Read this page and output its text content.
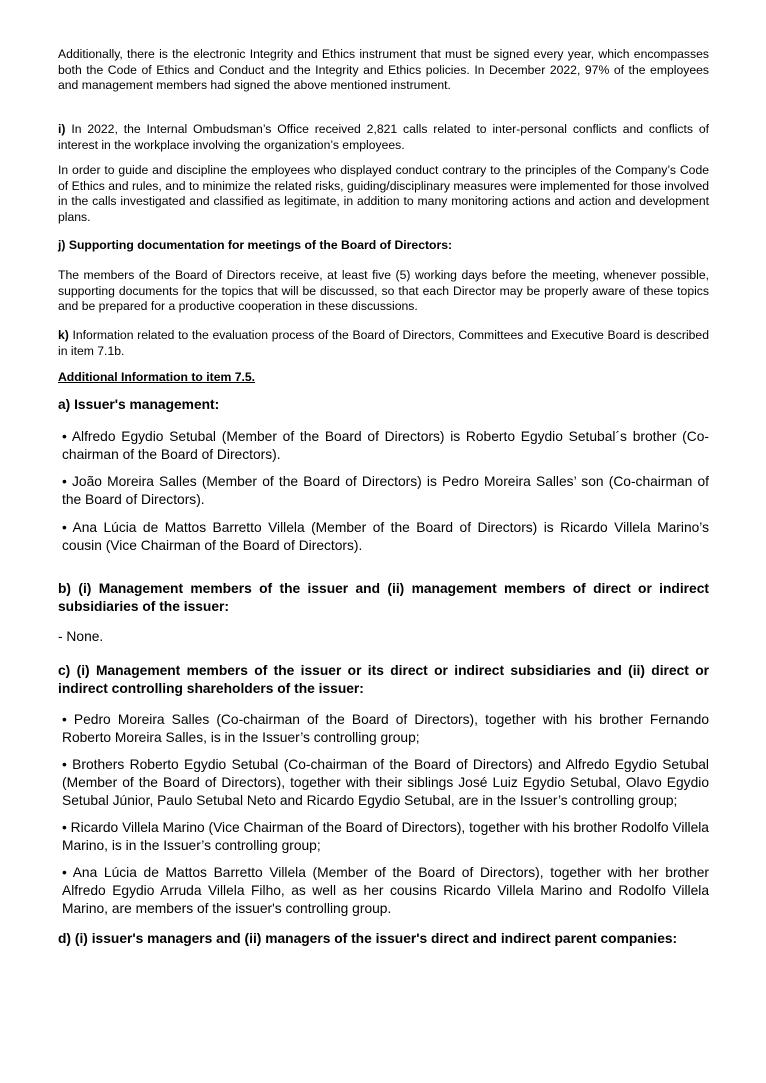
Additionally, there is the electronic Integrity and Ethics instrument that must be signed every year, which encompasses both the Code of Ethics and Conduct and the Integrity and Ethics policies. In December 2022, 97% of the employees and management members had signed the above mentioned instrument.

i) In 2022, the Internal Ombudsman’s Office received 2,821 calls related to inter-personal conflicts and conflicts of interest in the workplace involving the organization’s employees.

In order to guide and discipline the employees who displayed conduct contrary to the principles of the Company’s Code of Ethics and rules, and to minimize the related risks, guiding/disciplinary measures were implemented for those involved in the calls investigated and classified as legitimate, in addition to many monitoring actions and action and development plans.

j) Supporting documentation for meetings of the Board of Directors:

The members of the Board of Directors receive, at least five (5) working days before the meeting, whenever possible, supporting documents for the topics that will be discussed, so that each Director may be properly aware of these topics and be prepared for a productive cooperation in these discussions.

k) Information related to the evaluation process of the Board of Directors, Committees and Executive Board is described in item 7.1b.

Additional Information to item 7.5.

a) Issuer's management:

• Alfredo Egydio Setubal (Member of the Board of Directors) is Roberto Egydio Setubal´s brother (Co-chairman of the Board of Directors).

• João Moreira Salles (Member of the Board of Directors) is Pedro Moreira Salles’ son (Co-chairman of the Board of Directors).

• Ana Lúcia de Mattos Barretto Villela (Member of the Board of Directors) is Ricardo Villela Marino’s cousin (Vice Chairman of the Board of Directors).

b) (i) Management members of the issuer and (ii) management members of direct or indirect subsidiaries of the issuer:

- None.

c) (i) Management members of the issuer or its direct or indirect subsidiaries and (ii) direct or indirect controlling shareholders of the issuer:

• Pedro Moreira Salles (Co-chairman of the Board of Directors), together with his brother Fernando Roberto Moreira Salles, is in the Issuer’s controlling group;

• Brothers Roberto Egydio Setubal (Co-chairman of the Board of Directors) and Alfredo Egydio Setubal (Member of the Board of Directors), together with their siblings José Luiz Egydio Setubal, Olavo Egydio Setubal Júnior, Paulo Setubal Neto and Ricardo Egydio Setubal, are in the Issuer’s controlling group;

• Ricardo Villela Marino (Vice Chairman of the Board of Directors), together with his brother Rodolfo Villela Marino, is in the Issuer’s controlling group;

• Ana Lúcia de Mattos Barretto Villela (Member of the Board of Directors), together with her brother Alfredo Egydio Arruda Villela Filho, as well as her cousins Ricardo Villela Marino and Rodolfo Villela Marino, are members of the issuer's controlling group.

d) (i) issuer's managers and (ii) managers of the issuer's direct and indirect parent companies:
